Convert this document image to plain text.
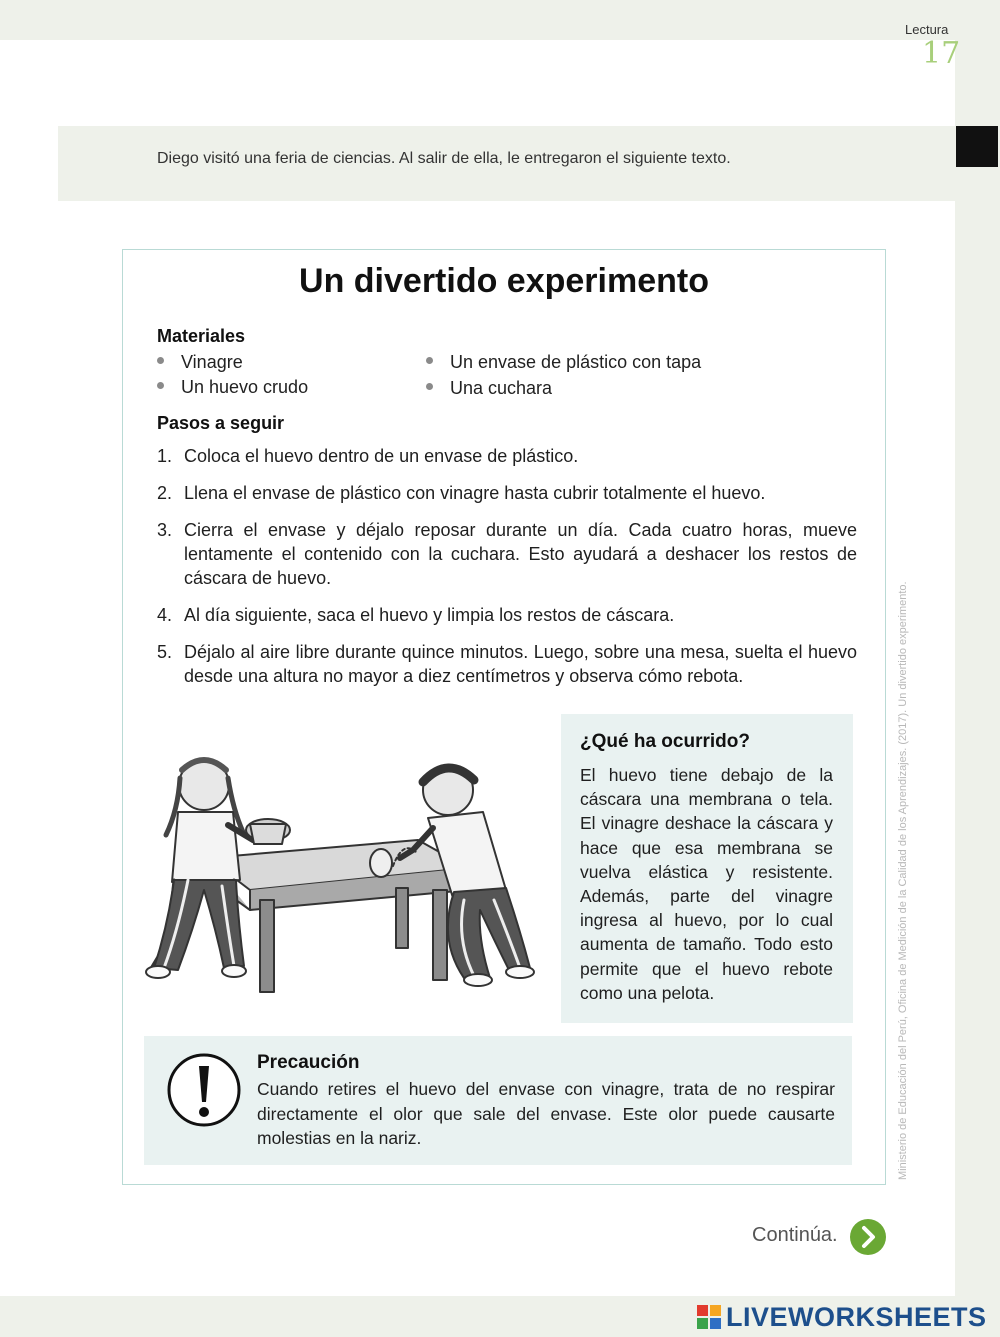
Lectura
17
Diego visitó una feria de ciencias. Al salir de ella, le entregaron el siguiente texto.
Un divertido experimento
Materiales
Vinagre
Un huevo crudo
Un envase de plástico con tapa
Una cuchara
Pasos a seguir
1. Coloca el huevo dentro de un envase de plástico.
2. Llena el envase de plástico con vinagre hasta cubrir totalmente el huevo.
3. Cierra el envase y déjalo reposar durante un día. Cada cuatro horas, mueve lentamente el contenido con la cuchara. Esto ayudará a deshacer los restos de cáscara de huevo.
4. Al día siguiente, saca el huevo y limpia los restos de cáscara.
5. Déjalo al aire libre durante quince minutos. Luego, sobre una mesa, suelta el huevo desde una altura no mayor a diez centímetros y observa cómo rebota.
¿Qué ha ocurrido?
El huevo tiene debajo de la cáscara una membrana o tela. El vinagre deshace la cáscara y hace que esa membrana se vuelva elástica y resistente. Además, parte del vinagre ingresa al huevo, por lo cual aumenta de tamaño. Todo esto permite que el huevo rebote como una pelota.
Precaución
Cuando retires el huevo del envase con vinagre, trata de no respirar directamente el olor que sale del envase. Este olor puede causarte molestias en la nariz.	Ministerio de Educación del Perú, Oficina de Medición de la Calidad de los Aprendizajes. (2017). Un divertido experimento.
Continúa.
LIVEWORKSHEETS
